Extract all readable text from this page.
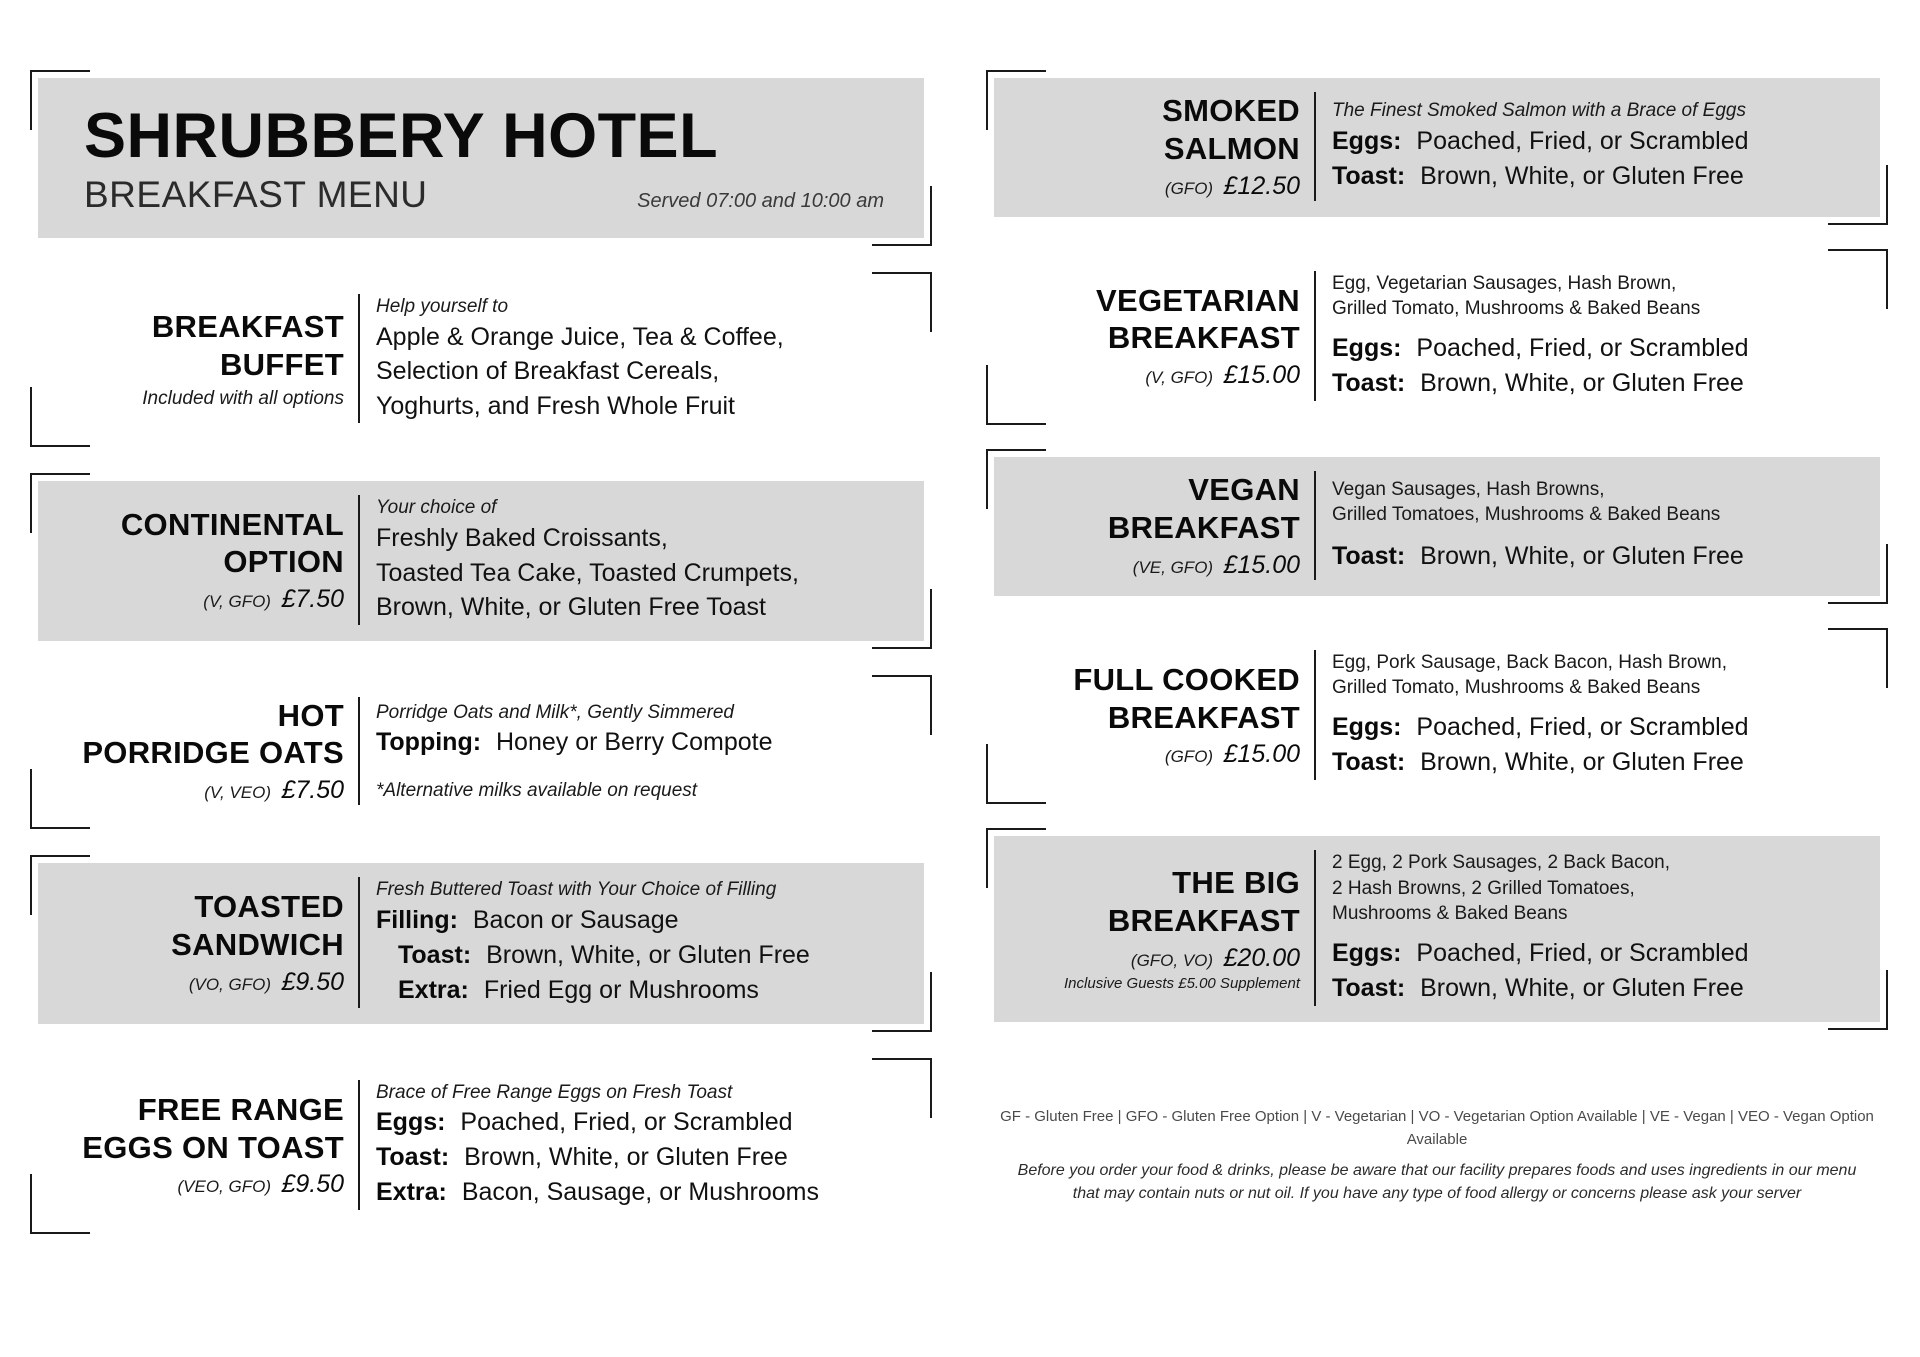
SHRUBBERY HOTEL
BREAKFAST MENU	Served 07:00 and 10:00 am
BREAKFAST
BUFFET
Included with all options
Help yourself to
Apple & Orange Juice, Tea & Coffee,
Selection of Breakfast Cereals,
Yoghurts, and Fresh Whole Fruit
CONTINENTAL
OPTION
(V, GFO) £7.50
Your choice of
Freshly Baked Croissants,
Toasted Tea Cake, Toasted Crumpets,
Brown, White, or Gluten Free Toast
HOT
PORRIDGE OATS
(V, VEO) £7.50
Porridge Oats and Milk*, Gently Simmered
Topping: Honey or Berry Compote
*Alternative milks available on request
TOASTED
SANDWICH
(VO, GFO) £9.50
Fresh Buttered Toast with Your Choice of Filling
Filling: Bacon or Sausage
Toast: Brown, White, or Gluten Free
Extra: Fried Egg or Mushrooms
FREE RANGE
EGGS ON TOAST
(VEO, GFO) £9.50
Brace of Free Range Eggs on Fresh Toast
Eggs: Poached, Fried, or Scrambled
Toast: Brown, White, or Gluten Free
Extra: Bacon, Sausage, or Mushrooms
SMOKED
SALMON
(GFO) £12.50
The Finest Smoked Salmon with a Brace of Eggs
Eggs: Poached, Fried, or Scrambled
Toast: Brown, White, or Gluten Free
VEGETARIAN
BREAKFAST
(V, GFO) £15.00
Egg, Vegetarian Sausages, Hash Brown,
Grilled Tomato, Mushrooms & Baked Beans
Eggs: Poached, Fried, or Scrambled
Toast: Brown, White, or Gluten Free
VEGAN
BREAKFAST
(VE, GFO) £15.00
Vegan Sausages, Hash Browns,
Grilled Tomatoes, Mushrooms & Baked Beans
Toast: Brown, White, or Gluten Free
FULL COOKED
BREAKFAST
(GFO) £15.00
Egg, Pork Sausage, Back Bacon, Hash Brown,
Grilled Tomato, Mushrooms & Baked Beans
Eggs: Poached, Fried, or Scrambled
Toast: Brown, White, or Gluten Free
THE BIG
BREAKFAST
(GFO, VO) £20.00
Inclusive Guests £5.00 Supplement
2 Egg, 2 Pork Sausages, 2 Back Bacon,
2 Hash Browns, 2 Grilled Tomatoes,
Mushrooms & Baked Beans
Eggs: Poached, Fried, or Scrambled
Toast: Brown, White, or Gluten Free
GF - Gluten Free | GFO - Gluten Free Option | V - Vegetarian | VO - Vegetarian Option Available | VE - Vegan | VEO - Vegan Option Available
Before you order your food & drinks, please be aware that our facility prepares foods and uses ingredients in our menu
that may contain nuts or nut oil. If you have any type of food allergy or concerns please ask your server
